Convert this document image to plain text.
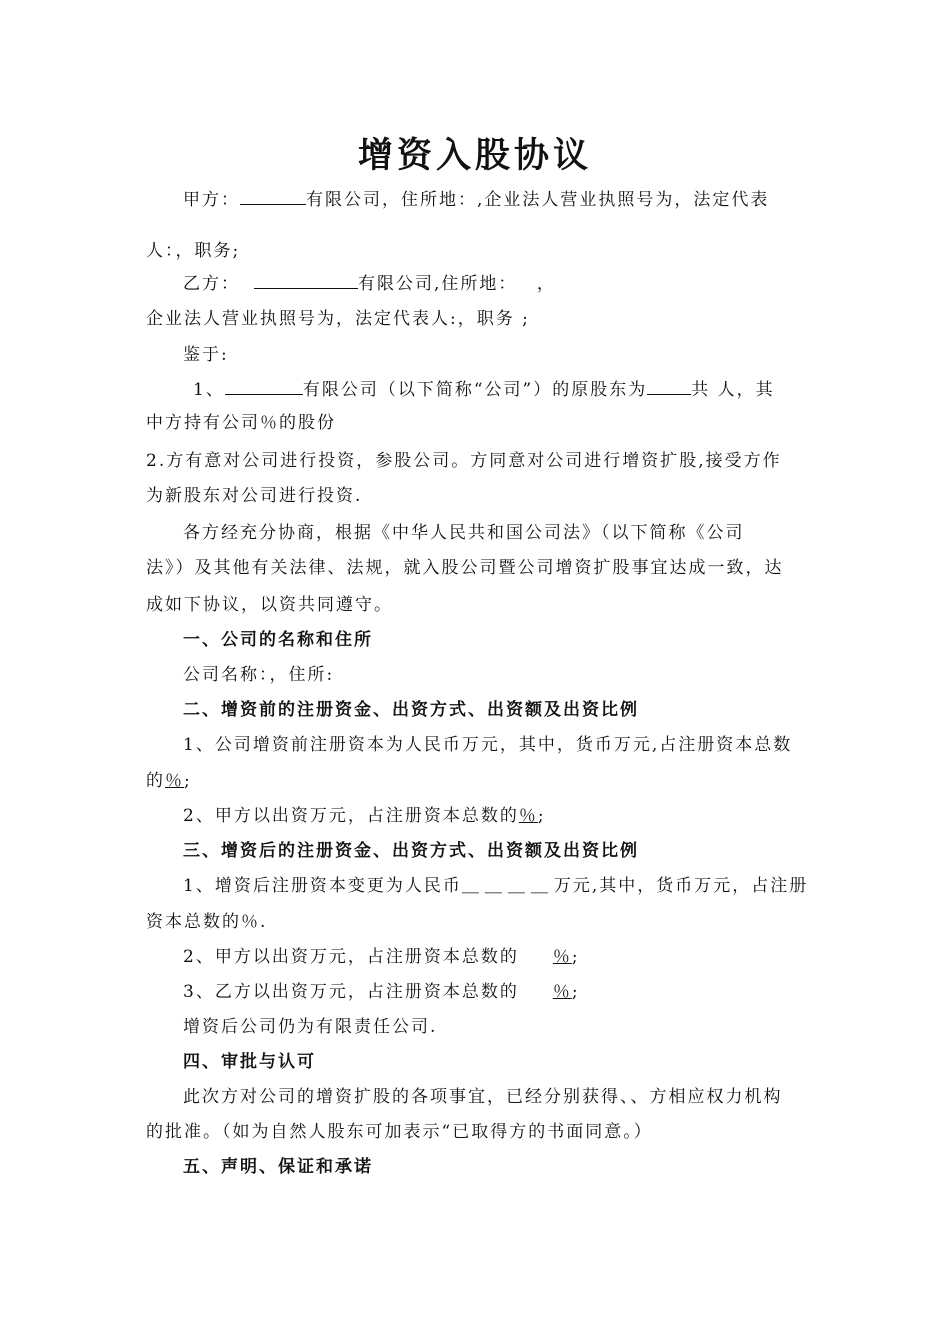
增资入股协议
甲方：	有限公司，住所地：,企业法人营业执照号为，法定代表
人：，职务;
乙方：	有限公司,住所地： ，
企业法人营业执照号为，法定代表人:，职务 ;
鉴于:
1、	有限公司（以下简称“公司”）的原股东为	共 人，其
中方持有公司％的股份
2.方有意对公司进行投资，参股公司。方同意对公司进行增资扩股,接受方作
为新股东对公司进行投资.
各方经充分协商，根据《中华人民共和国公司法》（以下简称《公司
法》）及其他有关法律、法规，就入股公司暨公司增资扩股事宜达成一致，达
成如下协议，以资共同遵守。
一、公司的名称和住所
公司名称：，住所:
二、增资前的注册资金、出资方式、出资额及出资比例
1、公司增资前注册资本为人民币万元，其中，货币万元,占注册资本总数
的％;
2、甲方以出资万元，占注册资本总数的％;
三、增资后的注册资金、出资方式、出资额及出资比例
1、增资后注册资本变更为人民币＿＿＿＿万元,其中，货币万元，占注册
资本总数的％.
2、甲方以出资万元，占注册资本总数的 ％;
3、乙方以出资万元，占注册资本总数的 ％;
增资后公司仍为有限责任公司.
四、审批与认可
此次方对公司的增资扩股的各项事宜，已经分别获得、、方相应权力机构
的批准。（如为自然人股东可加表示“已取得方的书面同意。）
五、声明、保证和承诺
